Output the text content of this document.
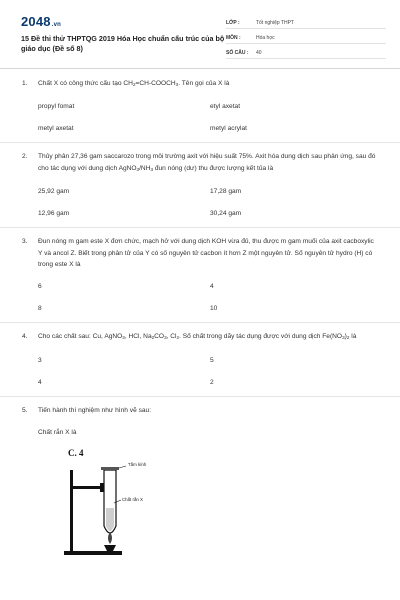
2048.vn
15 Đề thi thử THPTQG 2019 Hóa Học chuẩn cấu trúc của bộ giáo dục (Đề số 8)
LỚP :	Tốt nghiệp THPT
MÔN :	Hóa học
SỐ CÂU :	40
1.	Chất X có công thức cấu tạo $CH_2=CH-COOCH_3$. Tên gọi của X là
propyl fomat	etyl axetat
metyl axetat	metyl acrylat
2.	Thủy phân 27,36 gam saccarozo trong môi trường axit với hiệu suất 75%. Axit hóa dung dịch sau phản ứng, sau đó cho tác dụng với dung dịch $AgNO_3/NH_3$ đun nóng (dư) thu được lượng kết tủa là
25,92 gam	17,28 gam
12,96 gam	30,24 gam
3.	Đun nóng m gam este X đơn chức, mạch hở với dung dịch KOH vừa đủ, thu được m gam muối của axit cacboxylic Y và ancol Z. Biết trong phân tử của Y có số nguyên tử cacbon ít hơn Z một nguyên tử. Số nguyên tử hydro (H) có trong este X là
6	4
8	10
4.	Cho các chất sau: Cu, AgNO$_3$, HCl, $Na_2CO_3$, $Cl_2$. Số chất trong dãy tác dụng được với dung dịch $Fe(NO_3)_2$ là
3	5
4	2
5.	Tiến hành thí nghiệm như hình vẽ sau:
Chất rắn X là
C. 4
Tấm kính
Chất rắn X
